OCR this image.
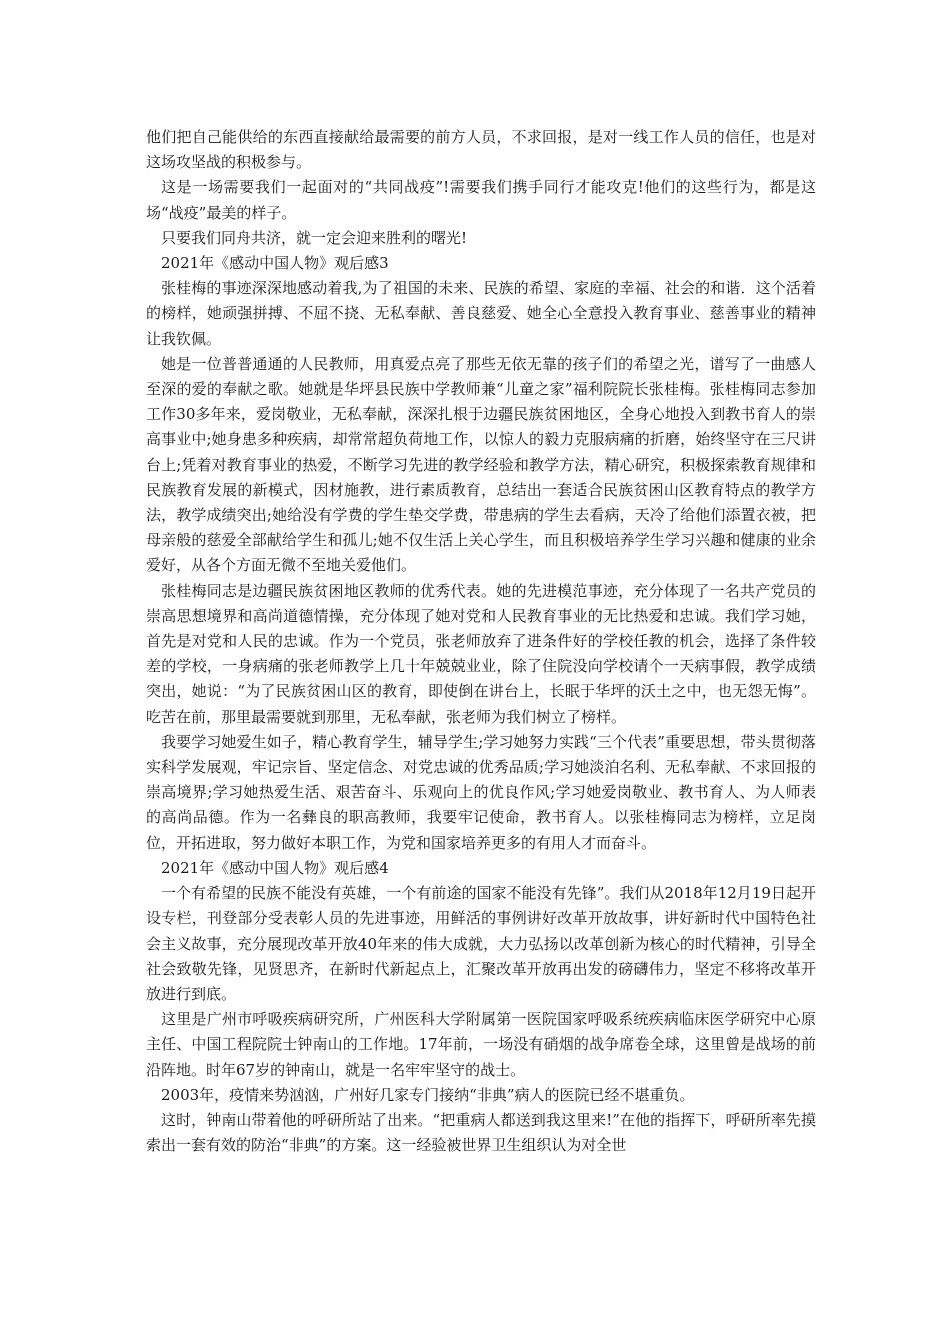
他们把自己能供给的东西直接献给最需要的前方人员，不求回报，是对一线工作人员的信任，也是对这场攻坚战的积极参与。

这是一场需要我们一起面对的“共同战疫”!需要我们携手同行才能攻克!他们的这些行为，都是这场“战疫”最美的样子。

只要我们同舟共济，就一定会迎来胜利的曙光!

2021年《感动中国人物》观后感3

张桂梅的事迹深深地感动着我,为了祖国的未来、民族的希望、家庭的幸福、社会的和谐．这个活着的榜样，她顽强拼搏、不屈不挠、无私奉献、善良慈爱、她全心全意投入教育事业、慈善事业的精神让我钦佩。

她是一位普普通通的人民教师，用真爱点亮了那些无依无靠的孩子们的希望之光，谱写了一曲感人至深的爱的奉献之歌。她就是华坪县民族中学教师兼“儿童之家”福利院院长张桂梅。张桂梅同志参加工作30多年来，爱岗敬业，无私奉献，深深扎根于边疆民族贫困地区，全身心地投入到教书育人的崇高事业中;她身患多种疾病，却常常超负荷地工作，以惊人的毅力克服病痛的折磨，始终坚守在三尺讲台上;凭着对教育事业的热爱，不断学习先进的教学经验和教学方法，精心研究，积极探索教育规律和民族教育发展的新模式，因材施教，进行素质教育，总结出一套适合民族贫困山区教育特点的教学方法，教学成绩突出;她给没有学费的学生垫交学费，带患病的学生去看病，天冷了给他们添置衣被，把母亲般的慈爱全部献给学生和孤儿;她不仅生活上关心学生，而且积极培养学生学习兴趣和健康的业余爱好，从各个方面无微不至地关爱他们。

张桂梅同志是边疆民族贫困地区教师的优秀代表。她的先进模范事迹，充分体现了一名共产党员的崇高思想境界和高尚道德情操，充分体现了她对党和人民教育事业的无比热爱和忠诚。我们学习她，首先是对党和人民的忠诚。作为一个党员，张老师放弃了进条件好的学校任教的机会，选择了条件较差的学校，一身病痛的张老师教学上几十年兢兢业业，除了住院没向学校请个一天病事假，教学成绩突出，她说：“为了民族贫困山区的教育，即使倒在讲台上，长眠于华坪的沃土之中，也无怨无悔”。吃苦在前，那里最需要就到那里，无私奉献，张老师为我们树立了榜样。

我要学习她爱生如子，精心教育学生，辅导学生;学习她努力实践“三个代表”重要思想，带头贯彻落实科学发展观，牢记宗旨、坚定信念、对党忠诚的优秀品质;学习她淡泊名利、无私奉献、不求回报的崇高境界;学习她热爱生活、艰苦奋斗、乐观向上的优良作风;学习她爱岗敬业、教书育人、为人师表的高尚品德。作为一名彝良的职高教师，我要牢记使命，教书育人。以张桂梅同志为榜样，立足岗位，开拓进取，努力做好本职工作，为党和国家培养更多的有用人才而奋斗。

2021年《感动中国人物》观后感4

一个有希望的民族不能没有英雄，一个有前途的国家不能没有先锋”。我们从2018年12月19日起开设专栏，刊登部分受表彰人员的先进事迹，用鲜活的事例讲好改革开放故事，讲好新时代中国特色社会主义故事，充分展现改革开放40年来的伟大成就，大力弘扬以改革创新为核心的时代精神，引导全社会致敬先锋，见贤思齐，在新时代新起点上，汇聚改革开放再出发的磅礴伟力，坚定不移将改革开放进行到底。

这里是广州市呼吸疾病研究所，广州医科大学附属第一医院国家呼吸系统疾病临床医学研究中心原主任、中国工程院院士钟南山的工作地。17年前，一场没有硝烟的战争席卷全球，这里曾是战场的前沿阵地。时年67岁的钟南山，就是一名牢牢坚守的战士。

2003年，疫情来势汹汹，广州好几家专门接纳“非典”病人的医院已经不堪重负。

这时，钟南山带着他的呼研所站了出来。“把重病人都送到我这里来!”在他的指挥下，呼研所率先摸索出一套有效的防治“非典”的方案。这一经验被世界卫生组织认为对全世
